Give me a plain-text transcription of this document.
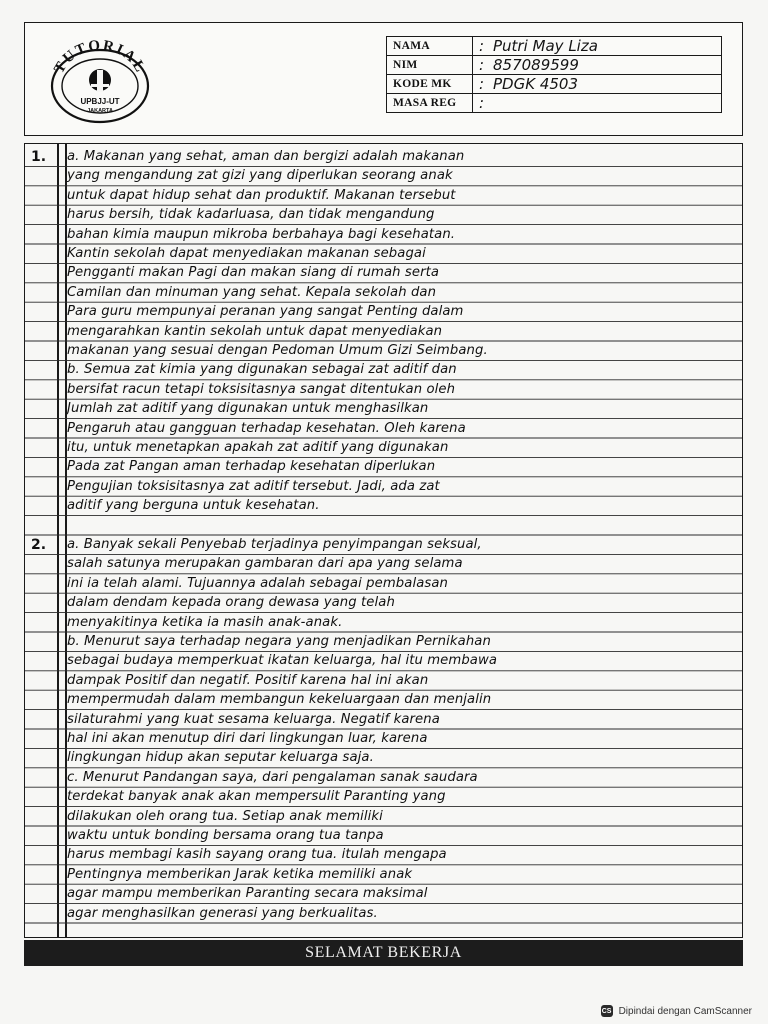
TUTORIAL
UPBJJ-UT
JAKARTA
NAMA	: Putri May Liza
NIM	: 857089599
KODE MK	: PDGK 4503
MASA REG	:
1.
2.
a. Makanan yang sehat, aman dan bergizi adalah makanan
yang mengandung zat gizi yang diperlukan seorang anak
untuk dapat hidup sehat dan produktif. Makanan tersebut
harus bersih, tidak kadarluasa, dan tidak mengandung
bahan kimia maupun mikroba berbahaya bagi kesehatan.
Kantin sekolah dapat menyediakan makanan sebagai
Pengganti makan Pagi dan makan siang di rumah serta
Camilan dan minuman yang sehat. Kepala sekolah dan
Para guru mempunyai peranan yang sangat Penting dalam
mengarahkan kantin sekolah untuk dapat menyediakan
makanan yang sesuai dengan Pedoman Umum Gizi Seimbang.
b. Semua zat kimia yang digunakan sebagai zat aditif dan
bersifat racun tetapi toksisitasnya sangat ditentukan oleh
Jumlah zat aditif yang digunakan untuk menghasilkan
Pengaruh atau gangguan terhadap kesehatan. Oleh karena
itu, untuk menetapkan apakah zat aditif yang digunakan
Pada zat Pangan aman terhadap kesehatan diperlukan
Pengujian toksisitasnya zat aditif tersebut. Jadi, ada zat
aditif yang berguna untuk kesehatan.
a. Banyak sekali Penyebab terjadinya penyimpangan seksual,
salah satunya merupakan gambaran dari apa yang selama
ini ia telah alami. Tujuannya adalah sebagai pembalasan
dalam dendam kepada orang dewasa yang telah
menyakitinya ketika ia masih anak-anak.
b. Menurut saya terhadap negara yang menjadikan Pernikahan
sebagai budaya memperkuat ikatan keluarga, hal itu membawa
dampak Positif dan negatif. Positif karena hal ini akan
mempermudah dalam membangun kekeluargaan dan menjalin
silaturahmi yang kuat sesama keluarga. Negatif karena
hal ini akan menutup diri dari lingkungan luar, karena
lingkungan hidup akan seputar keluarga saja.
c. Menurut Pandangan saya, dari pengalaman sanak saudara
terdekat banyak anak akan mempersulit Paranting yang
dilakukan oleh orang tua. Setiap anak memiliki
waktu untuk bonding bersama orang tua tanpa
harus membagi kasih sayang orang tua. itulah mengapa
Pentingnya memberikan Jarak ketika memiliki anak
agar mampu memberikan Paranting secara maksimal
agar menghasilkan generasi yang berkualitas.
SELAMAT BEKERJA
CS Dipindai dengan CamScanner
